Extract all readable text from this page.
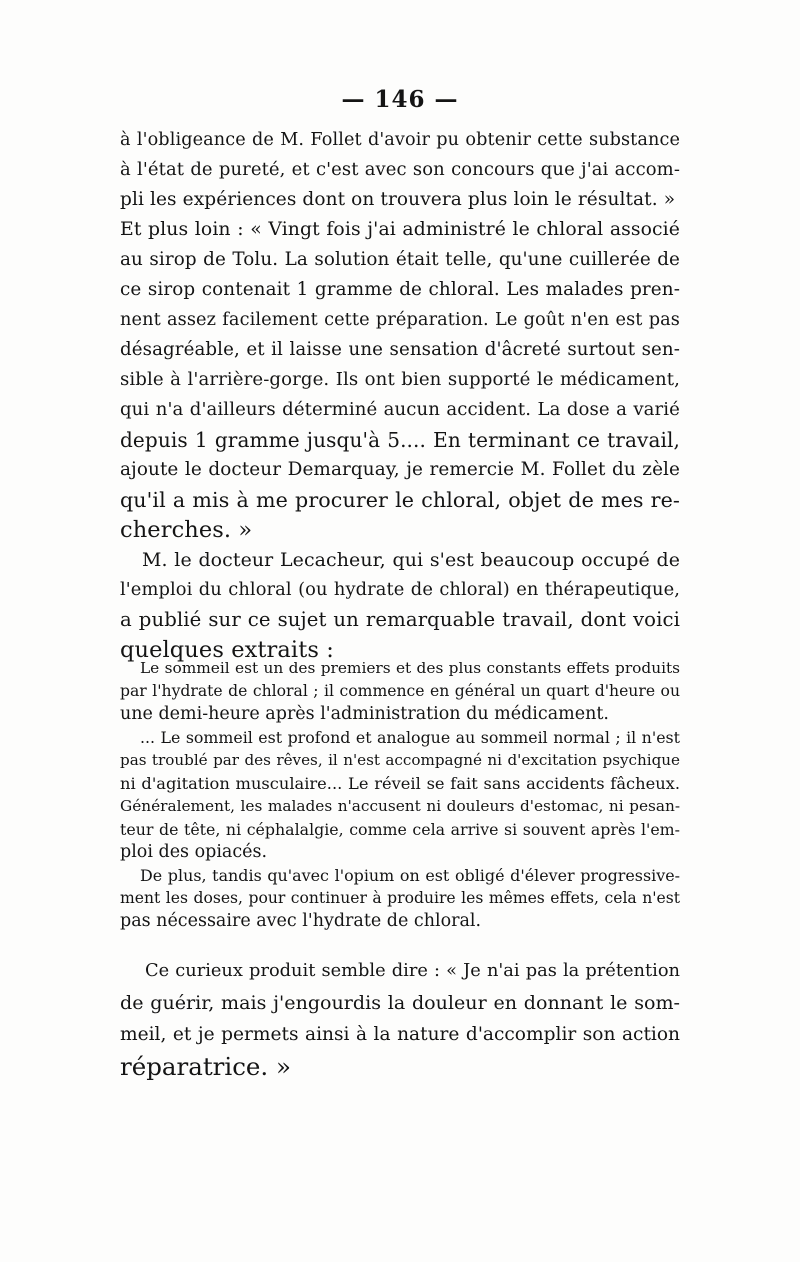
— 146 —
à l'obligeance de M. Follet d'avoir pu obtenir cette substance
à l'état de pureté, et c'est avec son concours que j'ai accom-
pli les expériences dont on trouvera plus loin le résultat. »
Et plus loin : « Vingt fois j'ai administré le chloral associé
au sirop de Tolu. La solution était telle, qu'une cuillerée de
ce sirop contenait 1 gramme de chloral. Les malades pren-
nent assez facilement cette préparation. Le goût n'en est pas
désagréable, et il laisse une sensation d'âcreté surtout sen-
sible à l'arrière-gorge. Ils ont bien supporté le médicament,
qui n'a d'ailleurs déterminé aucun accident. La dose a varié
depuis 1 gramme jusqu'à 5.... En terminant ce travail,
ajoute le docteur Demarquay, je remercie M. Follet du zèle
qu'il a mis à me procurer le chloral, objet de mes re-
cherches. »
M. le docteur Lecacheur, qui s'est beaucoup occupé de
l'emploi du chloral (ou hydrate de chloral) en thérapeutique,
a publié sur ce sujet un remarquable travail, dont voici
quelques extraits :
Le sommeil est un des premiers et des plus constants effets produits
par l'hydrate de chloral ; il commence en général un quart d'heure ou
une demi-heure après l'administration du médicament.
... Le sommeil est profond et analogue au sommeil normal ; il n'est
pas troublé par des rêves, il n'est accompagné ni d'excitation psychique
ni d'agitation musculaire... Le réveil se fait sans accidents fâcheux.
Généralement, les malades n'accusent ni douleurs d'estomac, ni pesan-
teur de tête, ni céphalalgie, comme cela arrive si souvent après l'em-
ploi des opiacés.
De plus, tandis qu'avec l'opium on est obligé d'élever progressive-
ment les doses, pour continuer à produire les mêmes effets, cela n'est
pas nécessaire avec l'hydrate de chloral.
Ce curieux produit semble dire : « Je n'ai pas la prétention
de guérir, mais j'engourdis la douleur en donnant le som-
meil, et je permets ainsi à la nature d'accomplir son action
réparatrice. »
